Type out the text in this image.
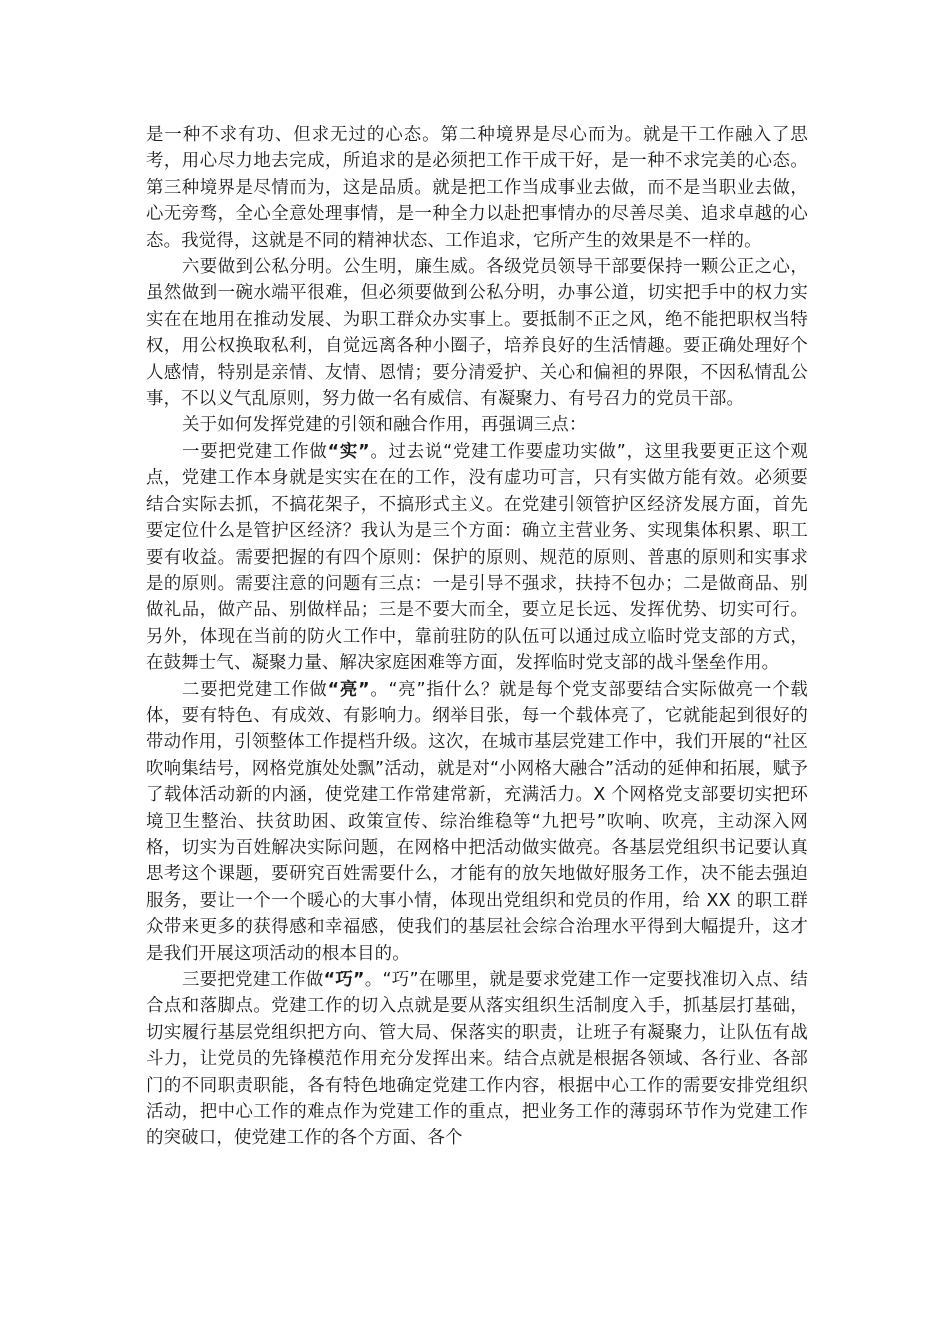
是一种不求有功、但求无过的心态。第二种境界是尽心而为。就是干工作融入了思考，用心尽力地去完成，所追求的是必须把工作干成干好，是一种不求完美的心态。第三种境界是尽情而为，这是品质。就是把工作当成事业去做，而不是当职业去做，心无旁骛，全心全意处理事情，是一种全力以赴把事情办的尽善尽美、追求卓越的心态。我觉得，这就是不同的精神状态、工作追求，它所产生的效果是不一样的。

六要做到公私分明。公生明，廉生威。各级党员领导干部要保持一颗公正之心，虽然做到一碗水端平很难，但必须要做到公私分明，办事公道，切实把手中的权力实实在在地用在推动发展、为职工群众办实事上。要抵制不正之风，绝不能把职权当特权，用公权换取私利，自觉远离各种小圈子，培养良好的生活情趣。要正确处理好个人感情，特别是亲情、友情、恩情；要分清爱护、关心和偏袒的界限，不因私情乱公事，不以义气乱原则，努力做一名有威信、有凝聚力、有号召力的党员干部。

关于如何发挥党建的引领和融合作用，再强调三点：

一要把党建工作做“实”。过去说“党建工作要虚功实做”，这里我要更正这个观点，党建工作本身就是实实在在的工作，没有虚功可言，只有实做方能有效。必须要结合实际去抓，不搞花架子，不搞形式主义。在党建引领管护区经济发展方面，首先要定位什么是管护区经济？我认为是三个方面：确立主营业务、实现集体积累、职工要有收益。需要把握的有四个原则：保护的原则、规范的原则、普惠的原则和实事求是的原则。需要注意的问题有三点：一是引导不强求，扶持不包办；二是做商品、别做礼品，做产品、别做样品；三是不要大而全，要立足长远、发挥优势、切实可行。另外，体现在当前的防火工作中，靠前驻防的队伍可以通过成立临时党支部的方式，在鼓舞士气、凝聚力量、解决家庭困难等方面，发挥临时党支部的战斗堡垒作用。

二要把党建工作做“亮”。“亮”指什么？就是每个党支部要结合实际做亮一个载体，要有特色、有成效、有影响力。纲举目张，每一个载体亮了，它就能起到很好的带动作用，引领整体工作提档升级。这次，在城市基层党建工作中，我们开展的“社区吹响集结号，网格党旗处处飘”活动，就是对“小网格大融合”活动的延伸和拓展，赋予了载体活动新的内涵，使党建工作常建常新，充满活力。X 个网格党支部要切实把环境卫生整治、扶贫助困、政策宣传、综治维稳等“九把号”吹响、吹亮，主动深入网格，切实为百姓解决实际问题，在网格中把活动做实做亮。各基层党组织书记要认真思考这个课题，要研究百姓需要什么，才能有的放矢地做好服务工作，决不能去强迫服务，要让一个一个暖心的大事小情，体现出党组织和党员的作用，给 XX 的职工群众带来更多的获得感和幸福感，使我们的基层社会综合治理水平得到大幅提升，这才是我们开展这项活动的根本目的。

三要把党建工作做“巧”。“巧”在哪里，就是要求党建工作一定要找准切入点、结合点和落脚点。党建工作的切入点就是要从落实组织生活制度入手，抓基层打基础，切实履行基层党组织把方向、管大局、保落实的职责，让班子有凝聚力，让队伍有战斗力，让党员的先锋模范作用充分发挥出来。结合点就是根据各领域、各行业、各部门的不同职责职能，各有特色地确定党建工作内容，根据中心工作的需要安排党组织活动，把中心工作的难点作为党建工作的重点，把业务工作的薄弱环节作为党建工作的突破口，使党建工作的各个方面、各个
